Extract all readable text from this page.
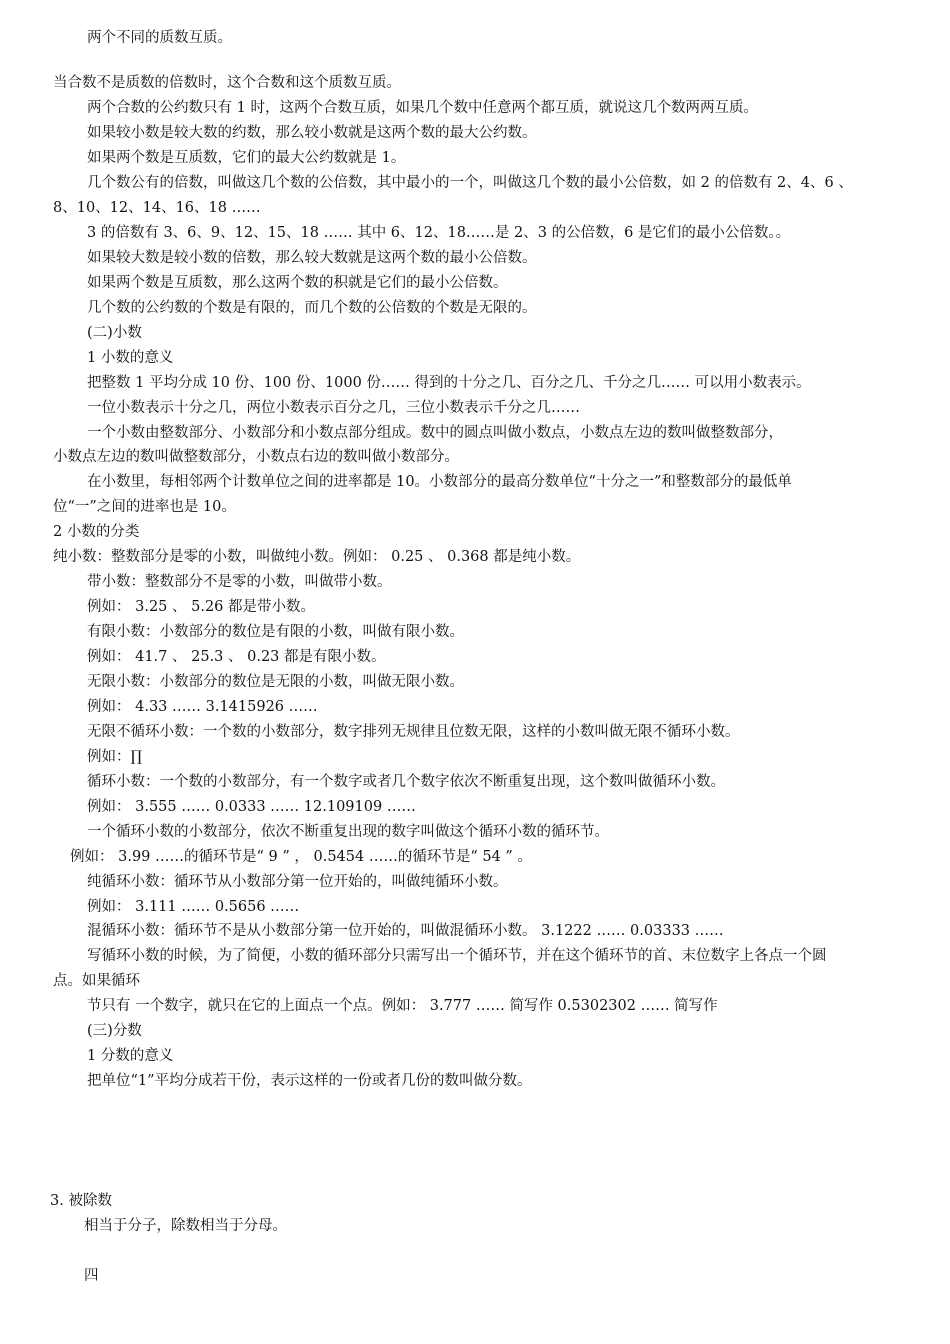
两个不同的质数互质。
当合数不是质数的倍数时，这个合数和这个质数互质。
两个合数的公约数只有 1 时，这两个合数互质，如果几个数中任意两个都互质，就说这几个数两两互质。
如果较小数是较大数的约数，那么较小数就是这两个数的最大公约数。
如果两个数是互质数，它们的最大公约数就是 1。
几个数公有的倍数，叫做这几个数的公倍数，其中最小的一个，叫做这几个数的最小公倍数，如 2 的倍数有 2、4、6 、
8、10、12、14、16、18 ……
3 的倍数有 3、6、9、12、15、18 …… 其中 6、12、18……是 2、3 的公倍数，6 是它们的最小公倍数。。
如果较大数是较小数的倍数，那么较大数就是这两个数的最小公倍数。
如果两个数是互质数，那么这两个数的积就是它们的最小公倍数。
几个数的公约数的个数是有限的，而几个数的公倍数的个数是无限的。
(二)小数
1 小数的意义
把整数 1 平均分成 10 份、100 份、1000 份…… 得到的十分之几、百分之几、千分之几…… 可以用小数表示。
一位小数表示十分之几，两位小数表示百分之几，三位小数表示千分之几……
一个小数由整数部分、小数部分和小数点部分组成。数中的圆点叫做小数点，小数点左边的数叫做整数部分，
小数点左边的数叫做整数部分，小数点右边的数叫做小数部分。
在小数里，每相邻两个计数单位之间的进率都是 10。小数部分的最高分数单位“十分之一”和整数部分的最低单
位“一”之间的进率也是 10。
2 小数的分类
纯小数：整数部分是零的小数，叫做纯小数。例如： 0.25 、 0.368 都是纯小数。
带小数：整数部分不是零的小数，叫做带小数。
例如： 3.25 、 5.26 都是带小数。
有限小数：小数部分的数位是有限的小数，叫做有限小数。
例如： 41.7 、 25.3 、 0.23 都是有限小数。
无限小数：小数部分的数位是无限的小数，叫做无限小数。
例如： 4.33 …… 3.1415926 ……
无限不循环小数：一个数的小数部分，数字排列无规律且位数无限，这样的小数叫做无限不循环小数。
例如：∏
循环小数：一个数的小数部分，有一个数字或者几个数字依次不断重复出现，这个数叫做循环小数。
例如： 3.555 …… 0.0333 …… 12.109109 ……
一个循环小数的小数部分，依次不断重复出现的数字叫做这个循环小数的循环节。
例如： 3.99 ……的循环节是“ 9 ” ， 0.5454 ……的循环节是“ 54 ” 。
纯循环小数：循环节从小数部分第一位开始的，叫做纯循环小数。
例如： 3.111 …… 0.5656 ……
混循环小数：循环节不是从小数部分第一位开始的，叫做混循环小数。 3.1222 …… 0.03333 ……
写循环小数的时候，为了简便，小数的循环部分只需写出一个循环节，并在这个循环节的首、末位数字上各点一个圆
点。如果循环
节只有 一个数字，就只在它的上面点一个点。例如： 3.777 …… 简写作 0.5302302 …… 简写作
(三)分数
1 分数的意义
把单位“1”平均分成若干份，表示这样的一份或者几份的数叫做分数。
3. 被除数
相当于分子，除数相当于分母。
四
